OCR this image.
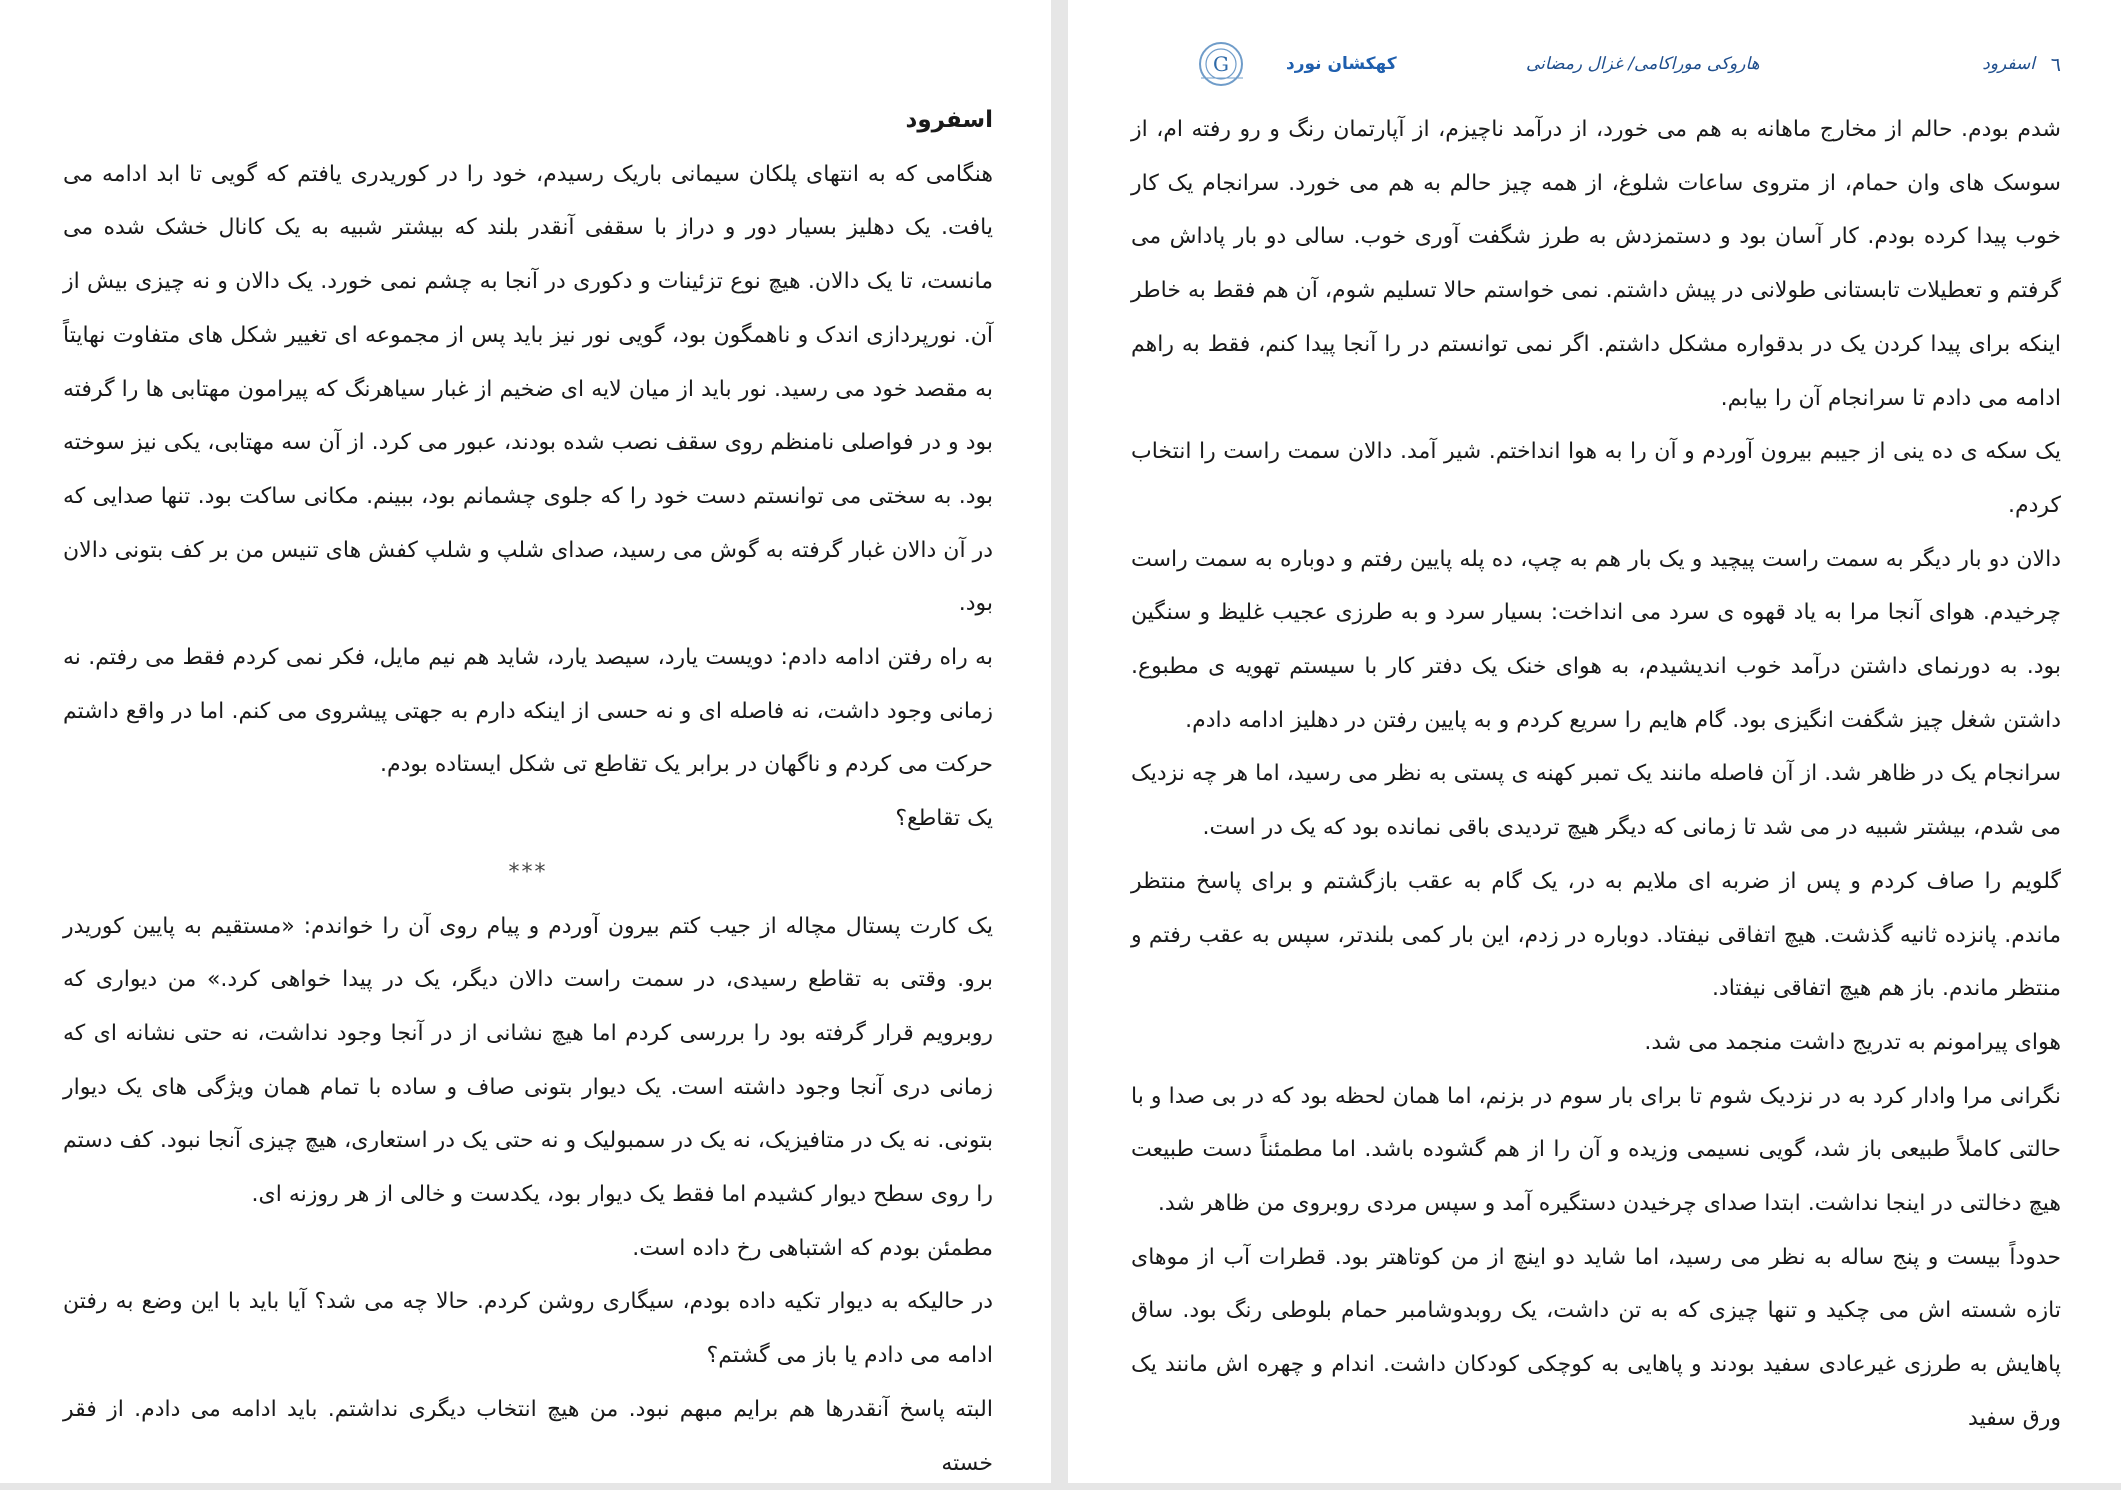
اسفرود

هنگامی که به انتهای پلکان سیمانی باریک رسیدم، خود را در کوریدری یافتم که گویی تا ابد ادامه می یافت. یک دهلیز بسیار دور و دراز با سقفی آنقدر بلند که بیشتر شبیه به یک کانال خشک شده می مانست، تا یک دالان. هیچ نوع تزئینات و دکوری در آنجا به چشم نمی خورد. یک دالان و نه چیزی بیش از آن. نورپردازی اندک و ناهمگون بود، گویی نور نیز باید پس از مجموعه ای تغییر شکل های متفاوت نهایتاً به مقصد خود می رسید. نور باید از میان لایه ای ضخیم از غبار سیاهرنگ که پیرامون مهتابی ها را گرفته بود و در فواصلی نامنظم روی سقف نصب شده بودند، عبور می کرد. از آن سه مهتابی، یکی نیز سوخته بود. به سختی می توانستم دست خود را که جلوی چشمانم بود، ببینم. مکانی ساکت بود. تنها صدایی که در آن دالان غبار گرفته به گوش می رسید، صدای شلپ و شلپ کفش های تنیس من بر کف بتونی دالان بود.

به راه رفتن ادامه دادم: دویست یارد، سیصد یارد، شاید هم نیم مایل، فکر نمی کردم فقط می رفتم. نه زمانی وجود داشت، نه فاصله ای و نه حسی از اینکه دارم به جهتی پیشروی می کنم. اما در واقع داشتم حرکت می کردم و ناگهان در برابر یک تقاطع تی شکل ایستاده بودم.

یک تقاطع؟

***

یک کارت پستال مچاله از جیب کتم بیرون آوردم و پیام روی آن را خواندم: «مستقیم به پایین کوریدر برو. وقتی به تقاطع رسیدی، در سمت راست دالان دیگر، یک در پیدا خواهی کرد.» من دیواری که روبرویم قرار گرفته بود را بررسی کردم اما هیچ نشانی از در آنجا وجود نداشت، نه حتی نشانه ای که زمانی دری آنجا وجود داشته است. یک دیوار بتونی صاف و ساده با تمام همان ویژگی های یک دیوار بتونی. نه یک در متافیزیک، نه یک در سمبولیک و نه حتی یک در استعاری، هیچ چیزی آنجا نبود. کف دستم را روی سطح دیوار کشیدم اما فقط یک دیوار بود، یکدست و خالی از هر روزنه ای.

مطمئن بودم که اشتباهی رخ داده است.

در حالیکه به دیوار تکیه داده بودم، سیگاری روشن کردم. حالا چه می شد؟ آیا باید با این وضع به رفتن ادامه می دادم یا باز می گشتم؟

البته پاسخ آنقدرها هم برایم مبهم نبود. من هیچ انتخاب دیگری نداشتم. باید ادامه می دادم. از فقر خسته

٦
اسفرود
هاروکی موراکامی/ غزال رمضانی
کهکشان نورد
G

شدم بودم. حالم از مخارج ماهانه به هم می خورد، از درآمد ناچیزم، از آپارتمان رنگ و رو رفته ام، از سوسک های وان حمام، از متروی ساعات شلوغ، از همه چیز حالم به هم می خورد. سرانجام یک کار خوب پیدا کرده بودم. کار آسان بود و دستمزدش به طرز شگفت آوری خوب. سالی دو بار پاداش می گرفتم و تعطیلات تابستانی طولانی در پیش داشتم. نمی خواستم حالا تسلیم شوم، آن هم فقط به خاطر اینکه برای پیدا کردن یک در بدقواره مشکل داشتم. اگر نمی توانستم در را آنجا پیدا کنم، فقط به راهم ادامه می دادم تا سرانجام آن را بیابم.

یک سکه ی ده ینی از جیبم بیرون آوردم و آن را به هوا انداختم. شیر آمد. دالان سمت راست را انتخاب کردم.

دالان دو بار دیگر به سمت راست پیچید و یک بار هم به چپ، ده پله پایین رفتم و دوباره به سمت راست چرخیدم. هوای آنجا مرا به یاد قهوه ی سرد می انداخت: بسیار سرد و به طرزی عجیب غلیظ و سنگین بود. به دورنمای داشتن درآمد خوب اندیشیدم، به هوای خنک یک دفتر کار با سیستم تهویه ی مطبوع. داشتن شغل چیز شگفت انگیزی بود. گام هایم را سریع کردم و به پایین رفتن در دهلیز ادامه دادم.

سرانجام یک در ظاهر شد. از آن فاصله مانند یک تمبر کهنه ی پستی به نظر می رسید، اما هر چه نزدیک می شدم، بیشتر شبیه در می شد تا زمانی که دیگر هیچ تردیدی باقی نمانده بود که یک در است.

گلویم را صاف کردم و پس از ضربه ای ملایم به در، یک گام به عقب بازگشتم و برای پاسخ منتظر ماندم. پانزده ثانیه گذشت. هیچ اتفاقی نیفتاد. دوباره در زدم، این بار کمی بلندتر، سپس به عقب رفتم و منتظر ماندم. باز هم هیچ اتفاقی نیفتاد.

هوای پیرامونم به تدریج داشت منجمد می شد.

نگرانی مرا وادار کرد به در نزدیک شوم تا برای بار سوم در بزنم، اما همان لحظه بود که در بی صدا و با حالتی کاملاً طبیعی باز شد، گویی نسیمی وزیده و آن را از هم گشوده باشد. اما مطمئناً دست طبیعت هیچ دخالتی در اینجا نداشت. ابتدا صدای چرخیدن دستگیره آمد و سپس مردی روبروی من ظاهر شد.

حدوداً بیست و پنج ساله به نظر می رسید، اما شاید دو اینچ از من کوتاهتر بود. قطرات آب از موهای تازه شسته اش می چکید و تنها چیزی که به تن داشت، یک روبدوشامبر حمام بلوطی رنگ بود. ساق پاهایش به طرزی غیرعادی سفید بودند و پاهایی به کوچکی کودکان داشت. اندام و چهره اش مانند یک ورق سفید
